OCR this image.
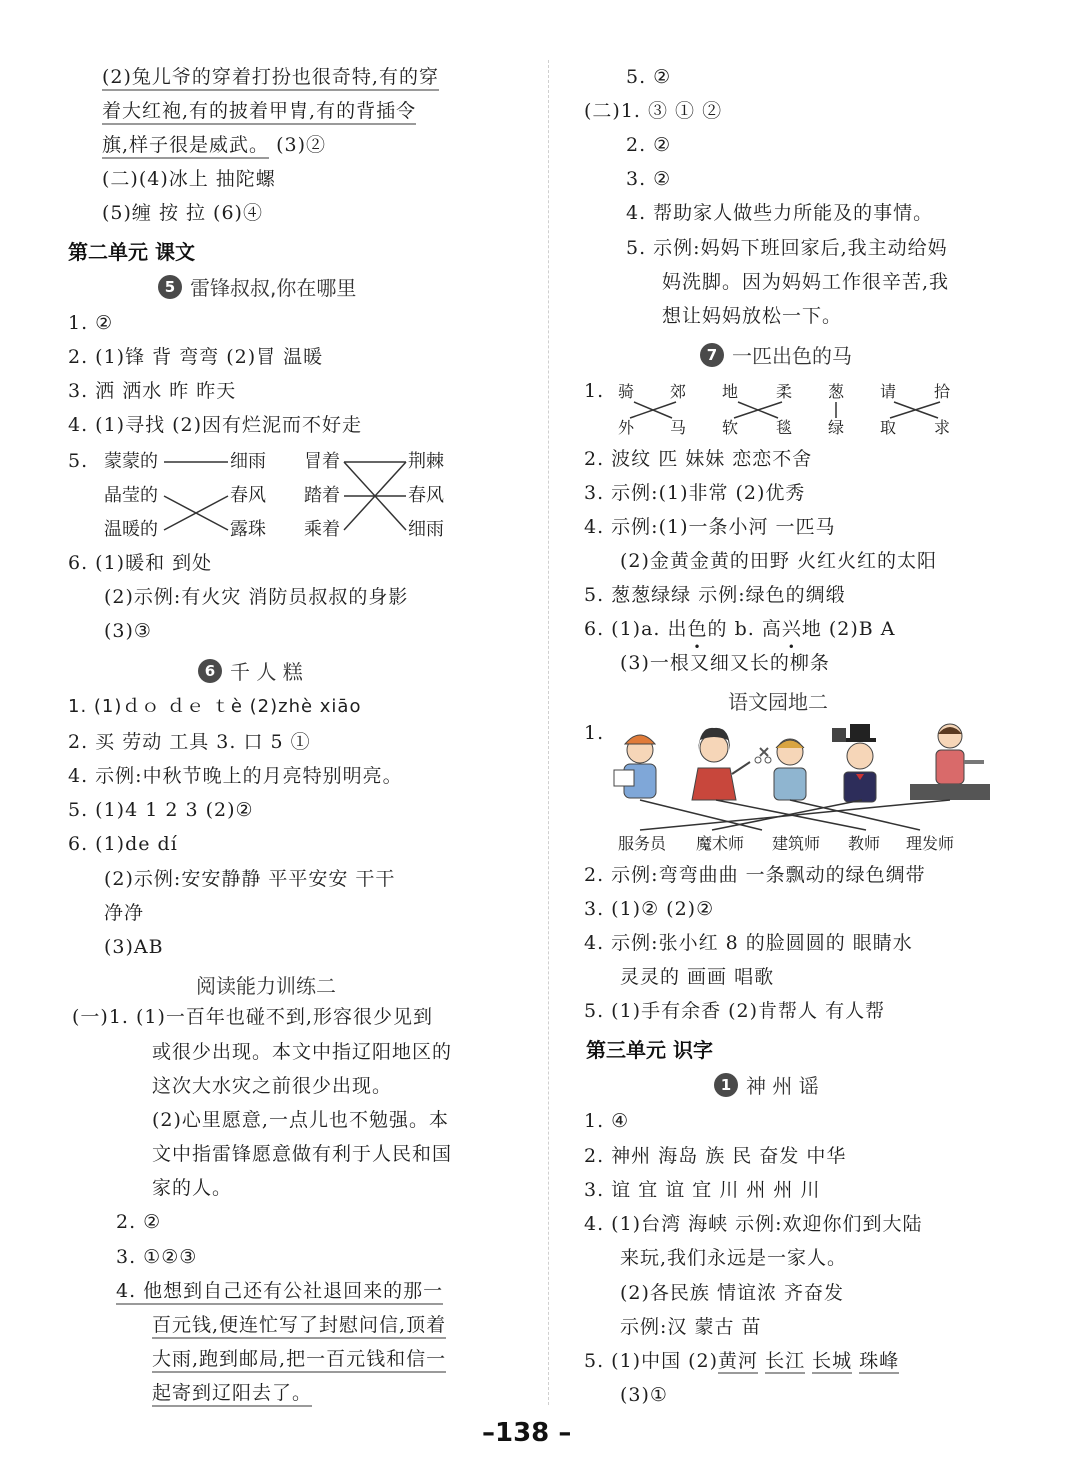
(2)兔儿爷的穿着打扮也很奇特,有的穿
着大红袍,有的披着甲胄,有的背插令
旗,样子很是威武。 (3)②
(二)(4)冰上 抽陀螺
(5)缠 按 拉 (6)④
第二单元 课文
5 雷锋叔叔,你在哪里
1. ②
2. (1)锋 背 弯弯 (2)冒 温暖
3. 洒 洒水 昨 昨天
4. (1)寻找 (2)因有烂泥而不好走
5. 蒙蒙的
晶莹的
温暖的
细雨
春风
露珠
冒着
踏着
乘着
荆棘
春风
细雨
6. (1)暖和 到处
(2)示例:有火灾 消防员叔叔的身影
(3)③
6 千 人 糕
1. (1)ｄｏ ｄｅ ｔè (2)zhè xiāo
2. 买 劳动 工具 3. 口 5 ①
4. 示例:中秋节晚上的月亮特别明亮。
5. (1)4 1 2 3 (2)②
6. (1)de dí
(2)示例:安安静静 平平安安 干干
净净
(3)AB
阅读能力训练二
(一)1. (1)一百年也碰不到,形容很少见到
或很少出现。本文中指辽阳地区的
这次大水灾之前很少出现。
(2)心里愿意,一点儿也不勉强。本
文中指雷锋愿意做有利于人民和国
家的人。
2. ②
3. ①②③
4. 他想到自己还有公社退回来的那一
百元钱,便连忙写了封慰问信,顶着
大雨,跑到邮局,把一百元钱和信一
起寄到辽阳去了。
5. ②
(二)1. ③ ① ②
2. ②
3. ②
4. 帮助家人做些力所能及的事情。
5. 示例:妈妈下班回家后,我主动给妈
妈洗脚。因为妈妈工作很辛苦,我
想让妈妈放松一下。
7 一匹出色的马
1. 骑 郊 地 柔 葱 请 拾
外 马 软 毯 绿 取 求
2. 波纹 匹 妹妹 恋恋不舍
3. 示例:(1)非常 (2)优秀
4. 示例:(1)一条小河 一匹马
(2)金黄金黄的田野 火红火红的太阳
5. 葱葱绿绿 示例:绿色的绸缎
6. (1)a. 出色的 b. 高兴地 (2)B A
(3)一根又细又长的柳条
语文园地二
1.
服务员 魔术师 建筑师 教师 理发师
2. 示例:弯弯曲曲 一条飘动的绿色绸带
3. (1)② (2)②
4. 示例:张小红 8 的脸圆圆的 眼睛水
灵灵的 画画 唱歌
5. (1)手有余香 (2)肯帮人 有人帮
第三单元 识字
1 神 州 谣
1. ④
2. 神州 海岛 族 民 奋发 中华
3. 谊 宜 谊 宜 川 州 州 川
4. (1)台湾 海峡 示例:欢迎你们到大陆
来玩,我们永远是一家人。
(2)各民族 情谊浓 齐奋发
示例:汉 蒙古 苗
5. (1)中国 (2)黄河 长江 长城 珠峰
(3)①
–138 –
